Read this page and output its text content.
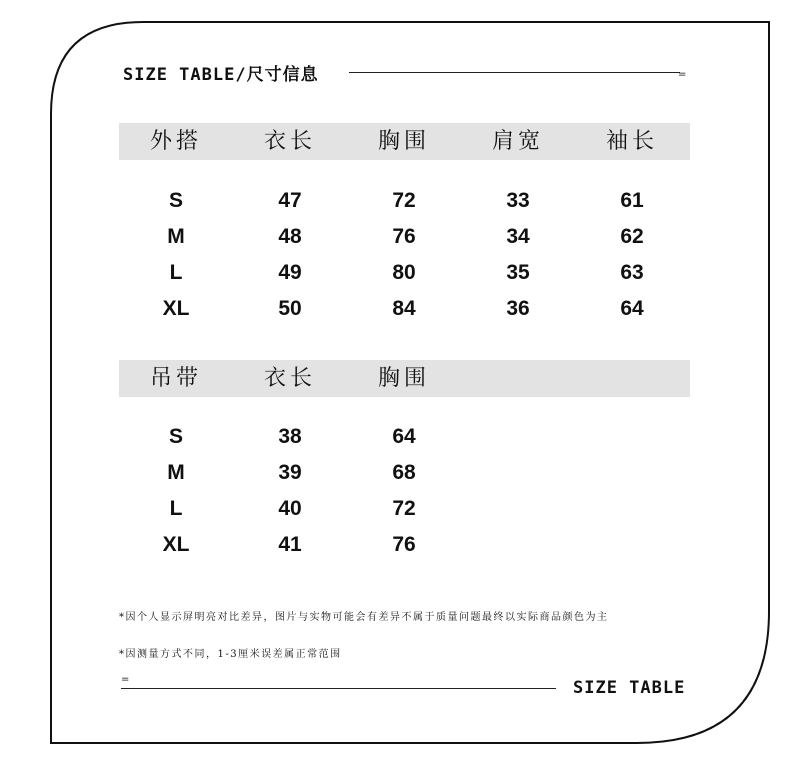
SIZE TABLE/尺寸信息	=
外搭	衣长	胸围	肩宽	袖长
S	47	72	33	61
M	48	76	34	62
L	49	80	35	63
XL	50	84	36	64
吊带	衣长	胸围
S	38	64
M	39	68
L	40	72
XL	41	76
*因个人显示屏明亮对比差异，图片与实物可能会有差异不属于质量问题最终以实际商品颜色为主
*因测量方式不同，1-3厘米误差属正常范围
=	SIZE TABLE
